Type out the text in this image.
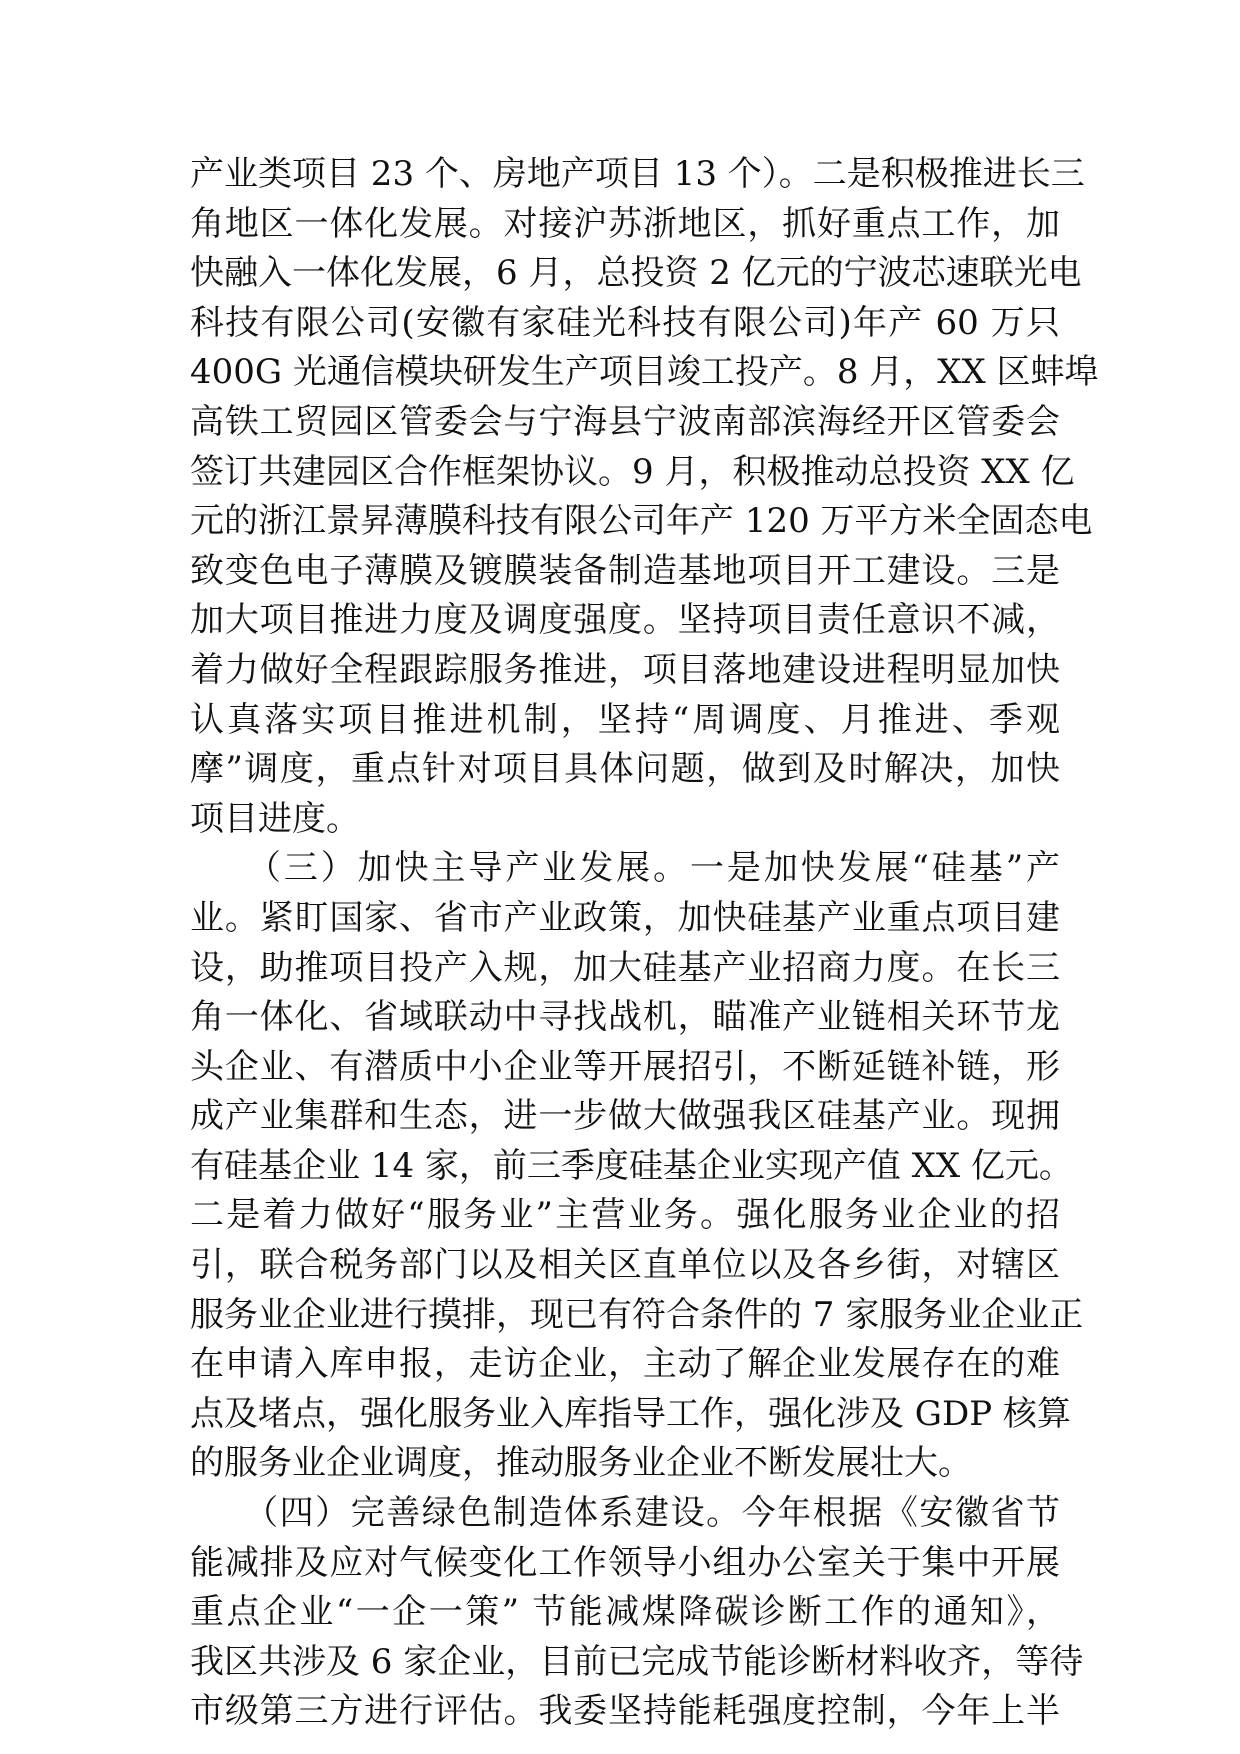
产业类项目 23 个、房地产项目 13 个）。二是积极推进长三
角地区一体化发展。对接沪苏浙地区，抓好重点工作，加
快融入一体化发展，6 月，总投资 2 亿元的宁波芯速联光电
科技有限公司(安徽有家硅光科技有限公司)年产 60 万只
400G 光通信模块研发生产项目竣工投产。8 月，XX 区蚌埠
高铁工贸园区管委会与宁海县宁波南部滨海经开区管委会
签订共建园区合作框架协议。9 月，积极推动总投资 XX 亿
元的浙江景昇薄膜科技有限公司年产 120 万平方米全固态电
致变色电子薄膜及镀膜装备制造基地项目开工建设。三是
加大项目推进力度及调度强度。坚持项目责任意识不减，
着力做好全程跟踪服务推进，项目落地建设进程明显加快
认真落实项目推进机制，坚持“周调度、月推进、季观
摩”调度，重点针对项目具体问题，做到及时解决，加快
项目进度。
　　（三）加快主导产业发展。一是加快发展“硅基”产
业。紧盯国家、省市产业政策，加快硅基产业重点项目建
设，助推项目投产入规，加大硅基产业招商力度。在长三
角一体化、省域联动中寻找战机，瞄准产业链相关环节龙
头企业、有潜质中小企业等开展招引，不断延链补链，形
成产业集群和生态，进一步做大做强我区硅基产业。现拥
有硅基企业 14 家，前三季度硅基企业实现产值 XX 亿元。
二是着力做好“服务业”主营业务。强化服务业企业的招
引，联合税务部门以及相关区直单位以及各乡街，对辖区
服务业企业进行摸排，现已有符合条件的 7 家服务业企业正
在申请入库申报，走访企业，主动了解企业发展存在的难
点及堵点，强化服务业入库指导工作，强化涉及 GDP 核算
的服务业企业调度，推动服务业企业不断发展壮大。
　　（四）完善绿色制造体系建设。今年根据《安徽省节
能减排及应对气候变化工作领导小组办公室关于集中开展
重点企业“一企一策” 节能减煤降碳诊断工作的通知》，
我区共涉及 6 家企业，目前已完成节能诊断材料收齐，等待
市级第三方进行评估。我委坚持能耗强度控制，今年上半
